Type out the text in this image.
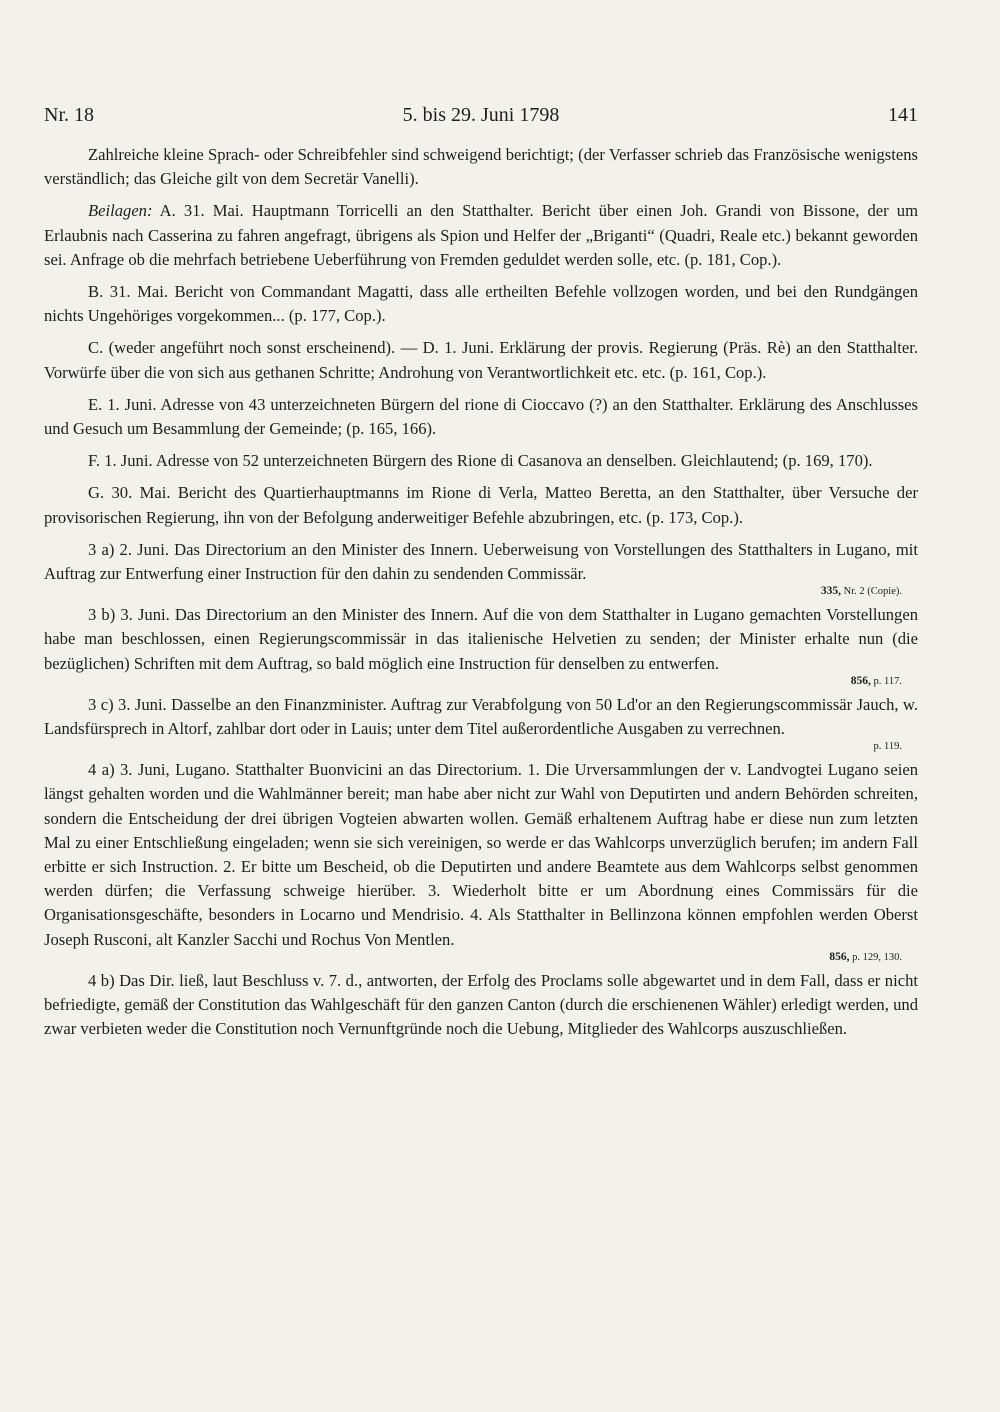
Nr. 18	5. bis 29. Juni 1798	141

Zahlreiche kleine Sprach- oder Schreibfehler sind schweigend berichtigt; (der Verfasser schrieb das Französische wenigstens verständlich; das Gleiche gilt von dem Secretär Vanelli).

Beilagen: A. 31. Mai. Hauptmann Torricelli an den Statthalter. Bericht über einen Joh. Grandi von Bissone, der um Erlaubnis nach Casserina zu fahren angefragt, übrigens als Spion und Helfer der „Briganti“ (Quadri, Reale etc.) bekannt geworden sei. Anfrage ob die mehrfach betriebene Ueberführung von Fremden geduldet werden solle, etc. (p. 181, Cop.).

B. 31. Mai. Bericht von Commandant Magatti, dass alle ertheilten Befehle vollzogen worden, und bei den Rundgängen nichts Ungehöriges vorgekommen... (p. 177, Cop.).

C. (weder angeführt noch sonst erscheinend). — D. 1. Juni. Erklärung der provis. Regierung (Präs. Rè) an den Statthalter. Vorwürfe über die von sich aus gethanen Schritte; Androhung von Verantwortlichkeit etc. etc. (p. 161, Cop.).

E. 1. Juni. Adresse von 43 unterzeichneten Bürgern del rione di Cioccavo (?) an den Statthalter. Erklärung des Anschlusses und Gesuch um Besammlung der Gemeinde; (p. 165, 166).

F. 1. Juni. Adresse von 52 unterzeichneten Bürgern des Rione di Casanova an denselben. Gleichlautend; (p. 169, 170).

G. 30. Mai. Bericht des Quartierhauptmanns im Rione di Verla, Matteo Beretta, an den Statthalter, über Versuche der provisorischen Regierung, ihn von der Befolgung anderweitiger Befehle abzubringen, etc. (p. 173, Cop.).

3 a) 2. Juni. Das Directorium an den Minister des Innern. Ueberweisung von Vorstellungen des Statthalters in Lugano, mit Auftrag zur Entwerfung einer Instruction für den dahin zu sendenden Commissär.

335, Nr. 2 (Copie).

3 b) 3. Juni. Das Directorium an den Minister des Innern. Auf die von dem Statthalter in Lugano gemachten Vorstellungen habe man beschlossen, einen Regierungscommissär in das italienische Helvetien zu senden; der Minister erhalte nun (die bezüglichen) Schriften mit dem Auftrag, so bald möglich eine Instruction für denselben zu entwerfen.

856, p. 117.

3 c) 3. Juni. Dasselbe an den Finanzminister. Auftrag zur Verabfolgung von 50 Ld'or an den Regierungscommissär Jauch, w. Landsfürsprech in Altorf, zahlbar dort oder in Lauis; unter dem Titel außerordentliche Ausgaben zu verrechnen.

p. 119.

4 a) 3. Juni, Lugano. Statthalter Buonvicini an das Directorium. 1. Die Urversammlungen der v. Landvogtei Lugano seien längst gehalten worden und die Wahlmänner bereit; man habe aber nicht zur Wahl von Deputirten und andern Behörden schreiten, sondern die Entscheidung der drei übrigen Vogteien abwarten wollen. Gemäß erhaltenem Auftrag habe er diese nun zum letzten Mal zu einer Entschließung eingeladen; wenn sie sich vereinigen, so werde er das Wahlcorps unverzüglich berufen; im andern Fall erbitte er sich Instruction. 2. Er bitte um Bescheid, ob die Deputirten und andere Beamtete aus dem Wahlcorps selbst genommen werden dürfen; die Verfassung schweige hierüber. 3. Wiederholt bitte er um Abordnung eines Commissärs für die Organisationsgeschäfte, besonders in Locarno und Mendrisio. 4. Als Statthalter in Bellinzona können empfohlen werden Oberst Joseph Rusconi, alt Kanzler Sacchi und Rochus Von Mentlen.

856, p. 129, 130.

4 b) Das Dir. ließ, laut Beschluss v. 7. d., antworten, der Erfolg des Proclams solle abgewartet und in dem Fall, dass er nicht befriedigte, gemäß der Constitution das Wahlgeschäft für den ganzen Canton (durch die erschienenen Wähler) erledigt werden, und zwar verbieten weder die Constitution noch Vernunftgründe noch die Uebung, Mitglieder des Wahlcorps auszuschließen.
